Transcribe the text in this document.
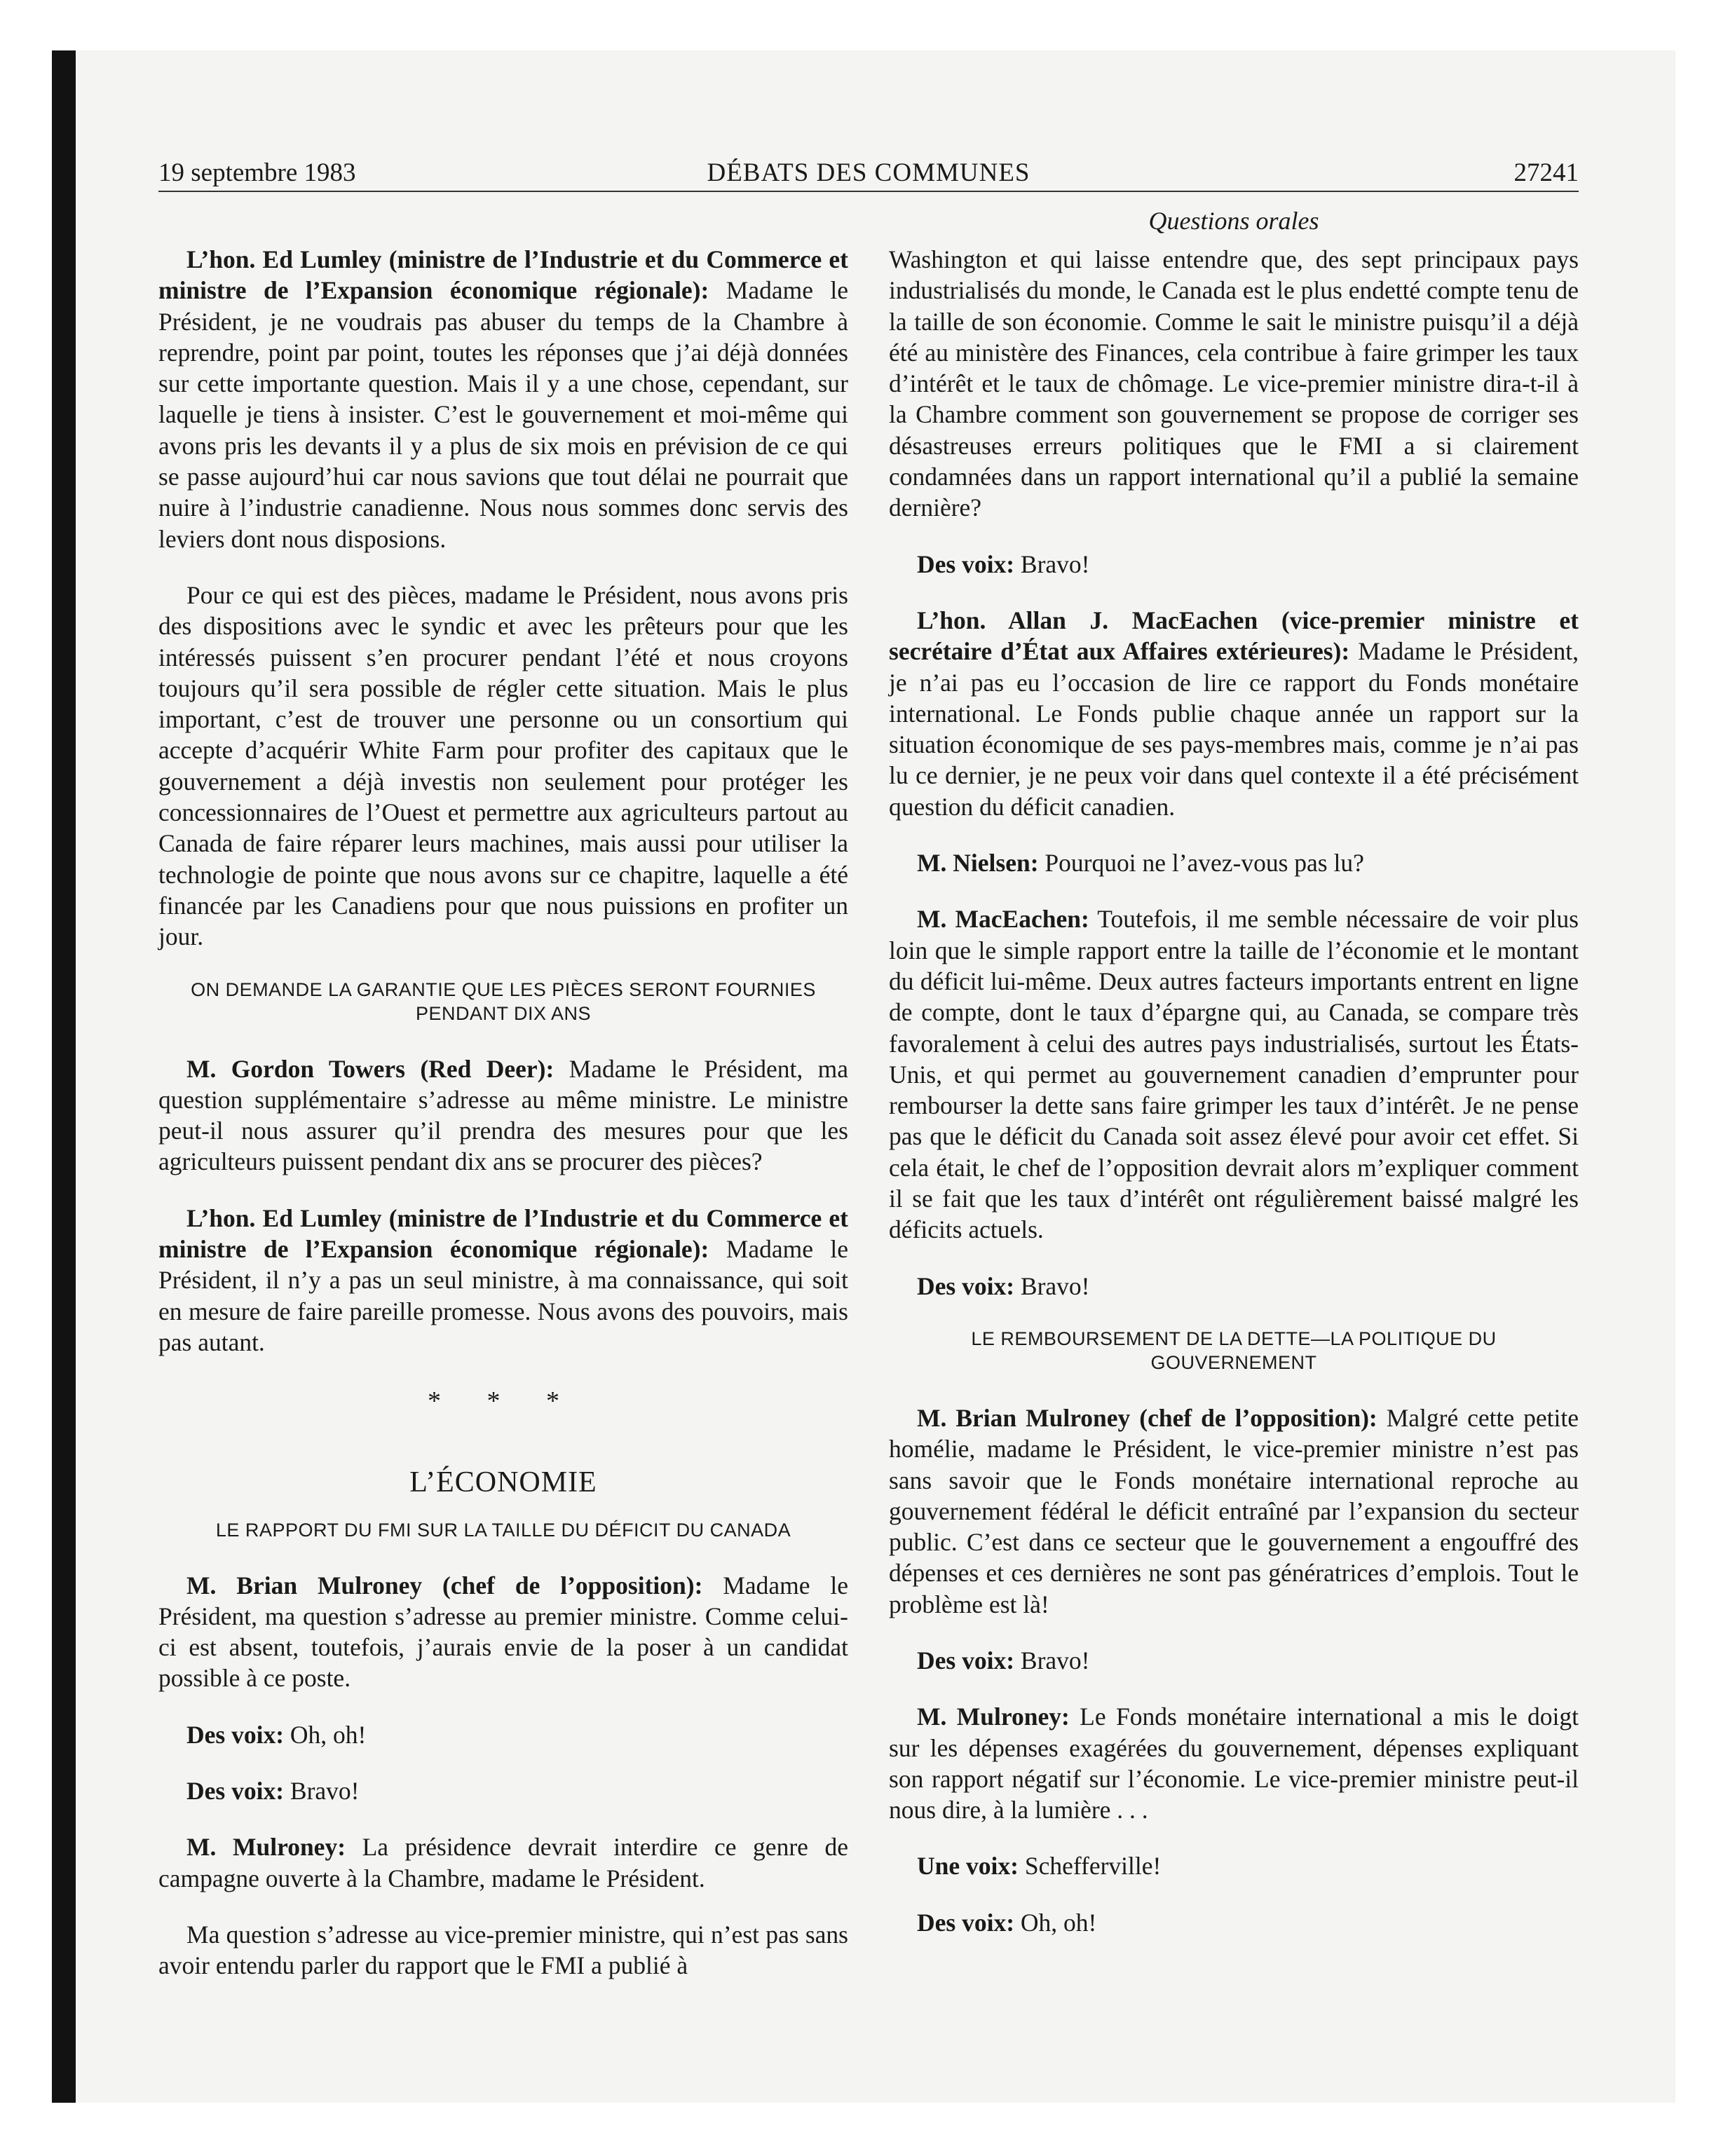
19 septembre 1983	DÉBATS DES COMMUNES	27241
Questions orales

L’hon. Ed Lumley (ministre de l’Industrie et du Commerce et ministre de l’Expansion économique régionale): Madame le Président, je ne voudrais pas abuser du temps de la Chambre à reprendre, point par point, toutes les réponses que j’ai déjà données sur cette importante question. Mais il y a une chose, cependant, sur laquelle je tiens à insister. C’est le gouvernement et moi-même qui avons pris les devants il y a plus de six mois en prévision de ce qui se passe aujourd’hui car nous savions que tout délai ne pourrait que nuire à l’industrie canadienne. Nous nous sommes donc servis des leviers dont nous disposions.

Pour ce qui est des pièces, madame le Président, nous avons pris des dispositions avec le syndic et avec les prêteurs pour que les intéressés puissent s’en procurer pendant l’été et nous croyons toujours qu’il sera possible de régler cette situation. Mais le plus important, c’est de trouver une personne ou un consortium qui accepte d’acquérir White Farm pour profiter des capitaux que le gouvernement a déjà investis non seulement pour protéger les concessionnaires de l’Ouest et permettre aux agriculteurs partout au Canada de faire réparer leurs machines, mais aussi pour utiliser la technologie de pointe que nous avons sur ce chapitre, laquelle a été financée par les Canadiens pour que nous puissions en profiter un jour.

ON DEMANDE LA GARANTIE QUE LES PIÈCES SERONT FOURNIES PENDANT DIX ANS

M. Gordon Towers (Red Deer): Madame le Président, ma question supplémentaire s’adresse au même ministre. Le ministre peut-il nous assurer qu’il prendra des mesures pour que les agriculteurs puissent pendant dix ans se procurer des pièces?

L’hon. Ed Lumley (ministre de l’Industrie et du Commerce et ministre de l’Expansion économique régionale): Madame le Président, il n’y a pas un seul ministre, à ma connaissance, qui soit en mesure de faire pareille promesse. Nous avons des pouvoirs, mais pas autant.

* * *
L’ÉCONOMIE
LE RAPPORT DU FMI SUR LA TAILLE DU DÉFICIT DU CANADA

M. Brian Mulroney (chef de l’opposition): Madame le Président, ma question s’adresse au premier ministre. Comme celui-ci est absent, toutefois, j’aurais envie de la poser à un candidat possible à ce poste.

Des voix: Oh, oh!

Des voix: Bravo!

M. Mulroney: La présidence devrait interdire ce genre de campagne ouverte à la Chambre, madame le Président.

Ma question s’adresse au vice-premier ministre, qui n’est pas sans avoir entendu parler du rapport que le FMI a publié à

Washington et qui laisse entendre que, des sept principaux pays industrialisés du monde, le Canada est le plus endetté compte tenu de la taille de son économie. Comme le sait le ministre puisqu’il a déjà été au ministère des Finances, cela contribue à faire grimper les taux d’intérêt et le taux de chômage. Le vice-premier ministre dira-t-il à la Chambre comment son gouvernement se propose de corriger ses désastreuses erreurs politiques que le FMI a si clairement condamnées dans un rapport international qu’il a publié la semaine dernière?

Des voix: Bravo!

L’hon. Allan J. MacEachen (vice-premier ministre et secrétaire d’État aux Affaires extérieures): Madame le Président, je n’ai pas eu l’occasion de lire ce rapport du Fonds monétaire international. Le Fonds publie chaque année un rapport sur la situation économique de ses pays-membres mais, comme je n’ai pas lu ce dernier, je ne peux voir dans quel contexte il a été précisément question du déficit canadien.

M. Nielsen: Pourquoi ne l’avez-vous pas lu?

M. MacEachen: Toutefois, il me semble nécessaire de voir plus loin que le simple rapport entre la taille de l’économie et le montant du déficit lui-même. Deux autres facteurs importants entrent en ligne de compte, dont le taux d’épargne qui, au Canada, se compare très favoralement à celui des autres pays industrialisés, surtout les États-Unis, et qui permet au gouvernement canadien d’emprunter pour rembourser la dette sans faire grimper les taux d’intérêt. Je ne pense pas que le déficit du Canada soit assez élevé pour avoir cet effet. Si cela était, le chef de l’opposition devrait alors m’expliquer comment il se fait que les taux d’intérêt ont régulièrement baissé malgré les déficits actuels.

Des voix: Bravo!

LE REMBOURSEMENT DE LA DETTE—LA POLITIQUE DU GOUVERNEMENT

M. Brian Mulroney (chef de l’opposition): Malgré cette petite homélie, madame le Président, le vice-premier ministre n’est pas sans savoir que le Fonds monétaire international reproche au gouvernement fédéral le déficit entraîné par l’expansion du secteur public. C’est dans ce secteur que le gouvernement a engouffré des dépenses et ces dernières ne sont pas génératrices d’emplois. Tout le problème est là!

Des voix: Bravo!

M. Mulroney: Le Fonds monétaire international a mis le doigt sur les dépenses exagérées du gouvernement, dépenses expliquant son rapport négatif sur l’économie. Le vice-premier ministre peut-il nous dire, à la lumière . . .

Une voix: Schefferville!

Des voix: Oh, oh!
